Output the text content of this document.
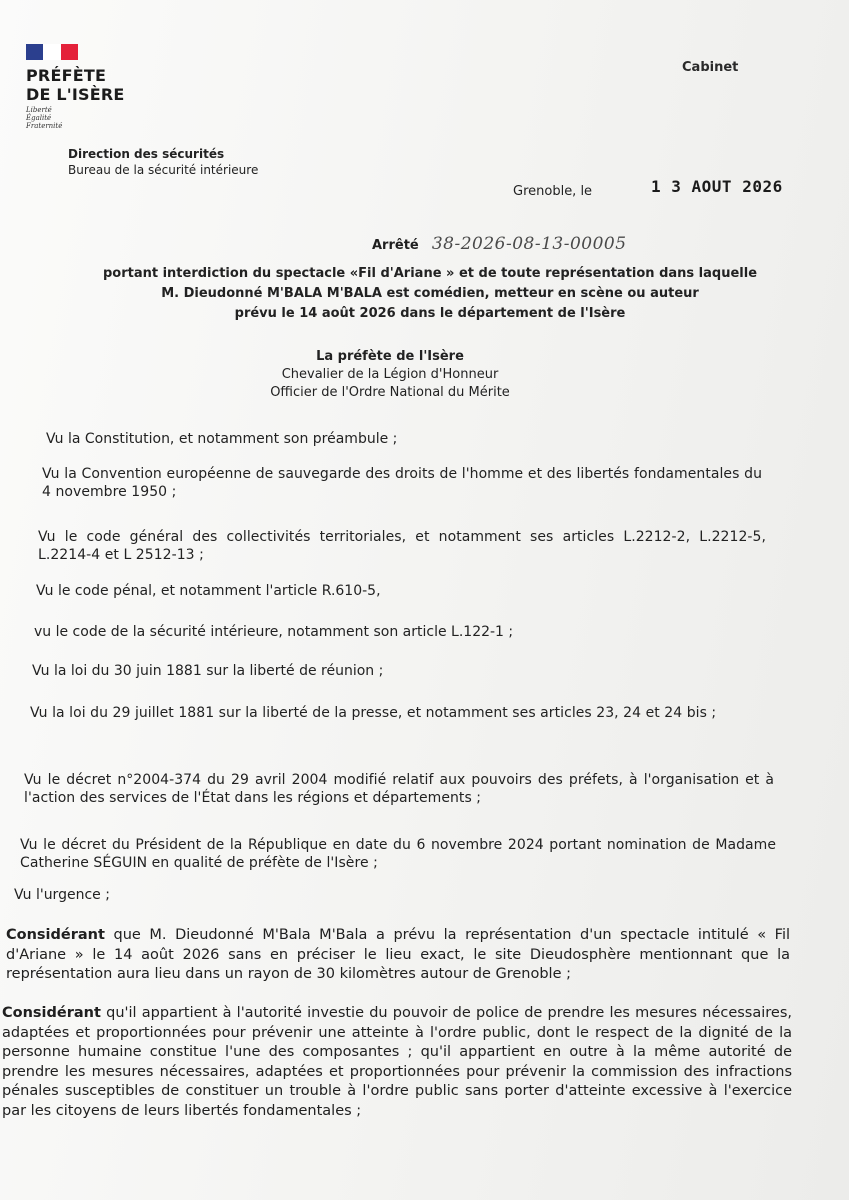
PRÉFÈTE
DE L'ISÈRE
Liberté
Égalité
Fraternité
Cabinet
Direction des sécurités
Bureau de la sécurité intérieure
Grenoble, le	1 3 AOUT 2026
Arrêté 38-2026-08-13-00005
portant interdiction du spectacle «Fil d'Ariane » et de toute représentation dans laquelle
M. Dieudonné M'BALA M'BALA est comédien, metteur en scène ou auteur
prévu le 14 août 2026 dans le département de l'Isère
La préfète de l'Isère
Chevalier de la Légion d'Honneur
Officier de l'Ordre National du Mérite
Vu la Constitution, et notamment son préambule ;
Vu la Convention européenne de sauvegarde des droits de l'homme et des libertés fondamentales du 4 novembre 1950 ;
Vu le code général des collectivités territoriales, et notamment ses articles L.2212-2, L.2212-5, L.2214-4 et L 2512-13 ;
Vu le code pénal, et notamment l'article R.610-5,
vu le code de la sécurité intérieure, notamment son article L.122-1 ;
Vu la loi du 30 juin 1881 sur la liberté de réunion ;
Vu la loi du 29 juillet 1881 sur la liberté de la presse, et notamment ses articles 23, 24 et 24 bis ;
Vu le décret n°2004-374 du 29 avril 2004 modifié relatif aux pouvoirs des préfets, à l'organisation et à l'action des services de l'État dans les régions et départements ;
Vu le décret du Président de la République en date du 6 novembre 2024 portant nomination de Madame Catherine SÉGUIN en qualité de préfète de l'Isère ;
Vu l'urgence ;
Considérant que M. Dieudonné M'Bala M'Bala a prévu la représentation d'un spectacle intitulé « Fil d'Ariane » le 14 août 2026 sans en préciser le lieu exact, le site Dieudosphère mentionnant que la représentation aura lieu dans un rayon de 30 kilomètres autour de Grenoble ;
Considérant qu'il appartient à l'autorité investie du pouvoir de police de prendre les mesures nécessaires, adaptées et proportionnées pour prévenir une atteinte à l'ordre public, dont le respect de la dignité de la personne humaine constitue l'une des composantes ; qu'il appartient en outre à la même autorité de prendre les mesures nécessaires, adaptées et proportionnées pour prévenir la commission des infractions pénales susceptibles de constituer un trouble à l'ordre public sans porter d'atteinte excessive à l'exercice par les citoyens de leurs libertés fondamentales ;
